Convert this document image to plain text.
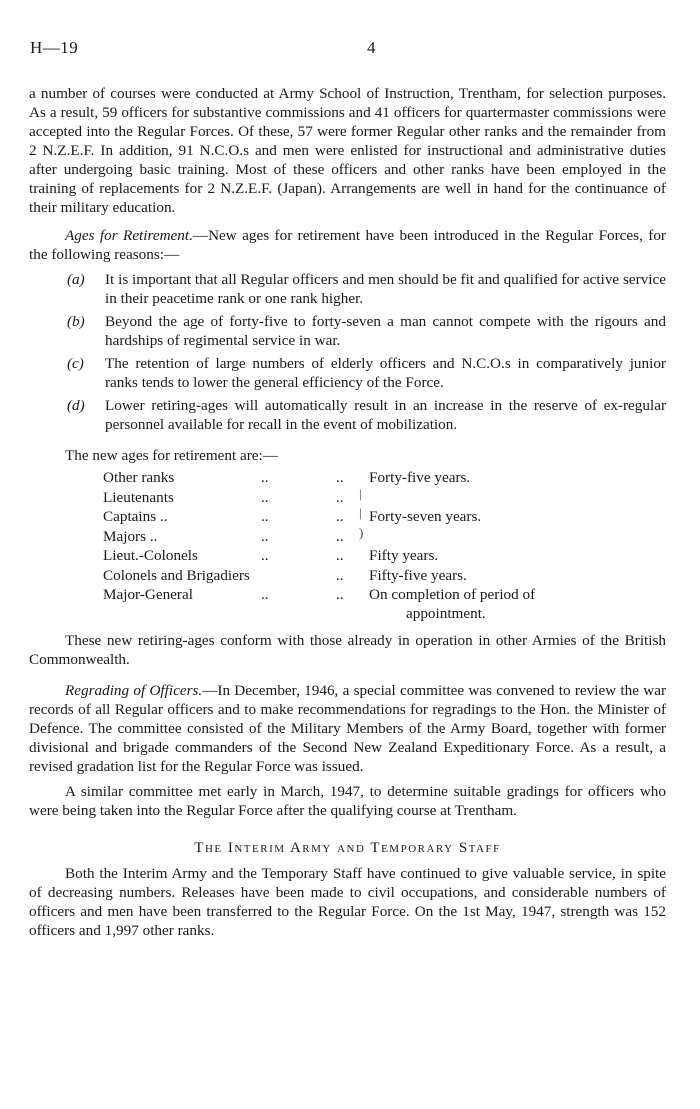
H—19	4

a number of courses were conducted at Army School of Instruction, Trentham, for selection purposes. As a result, 59 officers for substantive commissions and 41 officers for quartermaster commissions were accepted into the Regular Forces. Of these, 57 were former Regular other ranks and the remainder from 2 N.Z.E.F. In addition, 91 N.C.O.s and men were enlisted for instructional and administrative duties after undergoing basic training. Most of these officers and other ranks have been employed in the training of replacements for 2 N.Z.E.F. (Japan). Arrangements are well in hand for the continuance of their military education.

Ages for Retirement.—New ages for retirement have been introduced in the Regular Forces, for the following reasons:—

(a) It is important that all Regular officers and men should be fit and qualified for active service in their peacetime rank or one rank higher.
(b) Beyond the age of forty-five to forty-seven a man cannot compete with the rigours and hardships of regimental service in war.
(c) The retention of large numbers of elderly officers and N.C.O.s in comparatively junior ranks tends to lower the general efficiency of the Force.
(d) Lower retiring-ages will automatically result in an increase in the reserve of ex-regular personnel available for recall in the event of mobilization.

The new ages for retirement are:—

Other ranks	..	.. Forty-five years.
Lieutenants	..	.. |
Captains ..	..	.. | Forty-seven years.
Majors ..	..	.. )
Lieut.-Colonels	..	.. Fifty years.
Colonels and Brigadiers	.. Fifty-five years.
Major-General	..	.. On completion of period of
appointment.

These new retiring-ages conform with those already in operation in other Armies of the British Commonwealth.

Regrading of Officers.—In December, 1946, a special committee was convened to review the war records of all Regular officers and to make recommendations for regradings to the Hon. the Minister of Defence. The committee consisted of the Military Members of the Army Board, together with former divisional and brigade commanders of the Second New Zealand Expeditionary Force. As a result, a revised gradation list for the Regular Force was issued.

A similar committee met early in March, 1947, to determine suitable gradings for officers who were being taken into the Regular Force after the qualifying course at Trentham.

The Interim Army and Temporary Staff

Both the Interim Army and the Temporary Staff have continued to give valuable service, in spite of decreasing numbers. Releases have been made to civil occupations, and considerable numbers of officers and men have been transferred to the Regular Force. On the 1st May, 1947, strength was 152 officers and 1,997 other ranks.
